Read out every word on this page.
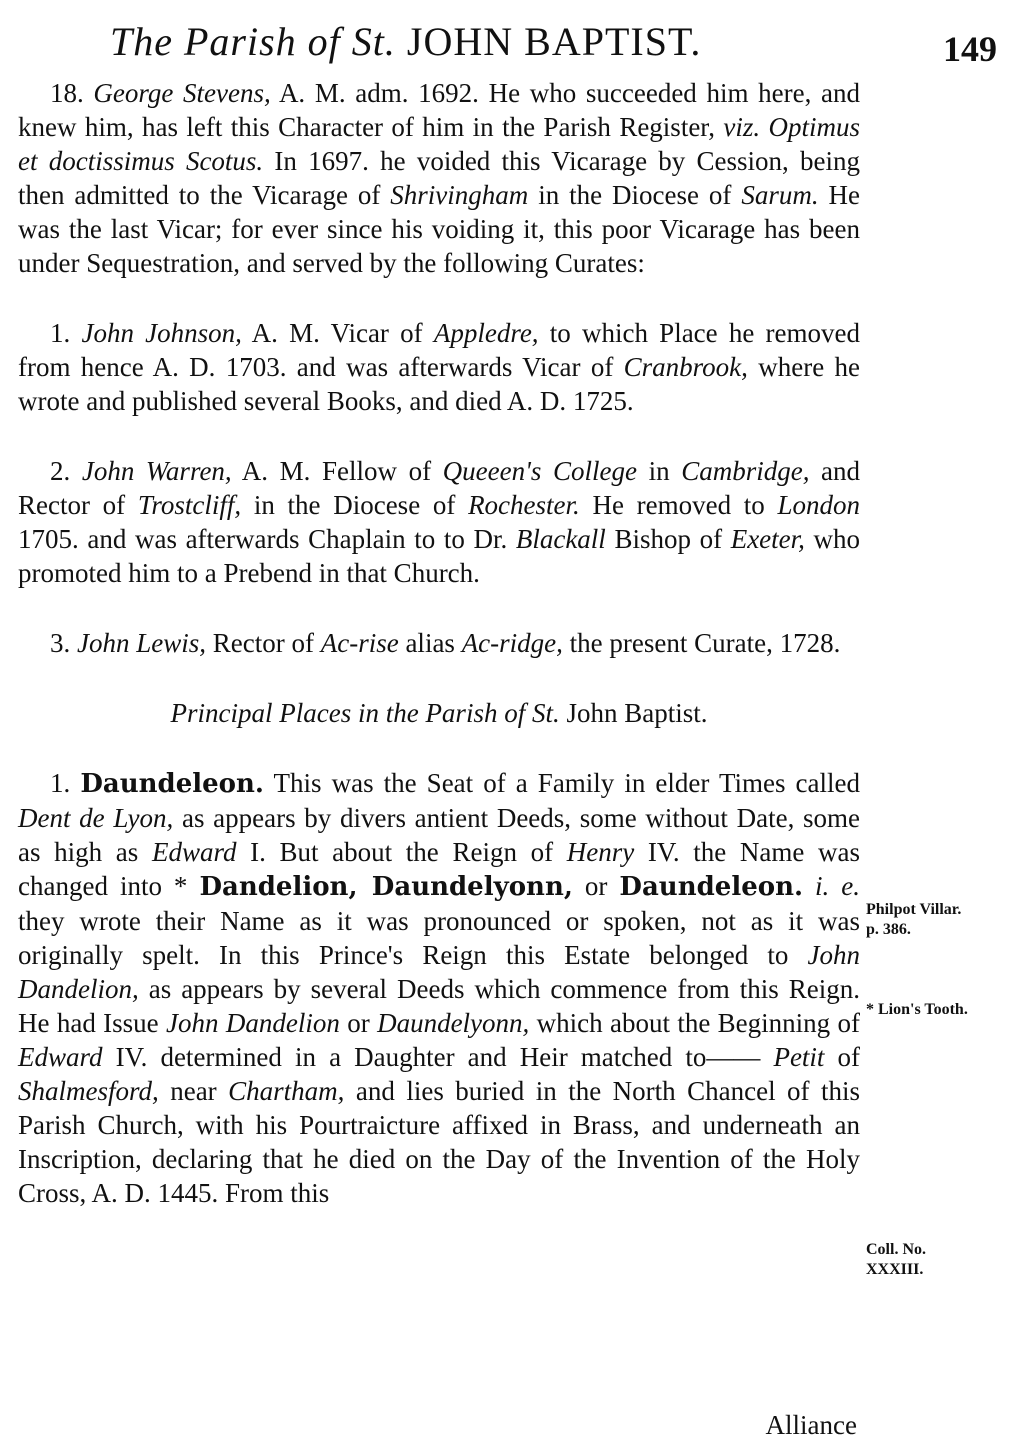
The Parish of St. JOHN BAPTIST.	149

18. George Stevens, A. M. adm. 1692. He who succeeded him here, and knew him, has left this Character of him in the Parish Register, viz. Optimus et doctissimus Scotus. In 1697. he voided this Vicarage by Cession, being then admitted to the Vicarage of Shrivingham in the Diocese of Sarum. He was the last Vicar; for ever since his voiding it, this poor Vicarage has been under Sequestration, and served by the following Curates:

1. John Johnson, A. M. Vicar of Appledre, to which Place he removed from hence A. D. 1703. and was afterwards Vicar of Cranbrook, where he wrote and published several Books, and died A. D. 1725.

2. John Warren, A. M. Fellow of Queeen's College in Cambridge, and Rector of Trostcliff, in the Diocese of Rochester. He removed to London 1705. and was afterwards Chaplain to to Dr. Blackall Bishop of Exeter, who promoted him to a Prebend in that Church.

3. John Lewis, Rector of Ac-rise alias Ac-ridge, the present Curate, 1728.

Principal Places in the Parish of St. John Baptist.

1. Daundeleon. This was the Seat of a Family in elder Times called Dent de Lyon, as appears by divers antient Deeds, some without Date, some as high as Edward I. But about the Reign of Henry IV. the Name was changed into * Dandelion, Daundelyonn, or Daundeleon. i. e. they wrote their Name as it was pronounced or spoken, not as it was originally spelt. In this Prince's Reign this Estate belonged to John Dandelion, as appears by several Deeds which commence from this Reign. He had Issue John Dandelion or Daundelyonn, which about the Beginning of Edward IV. determined in a Daughter and Heir matched to—— Petit of Shalmesford, near Chartham, and lies buried in the North Chancel of this Parish Church, with his Pourtraicture affixed in Brass, and underneath an Inscription, declaring that he died on the Day of the Invention of the Holy Cross, A. D. 1445. From this

Philpot Villar. p. 386.
* Lion's Tooth.
Coll. No. XXXIII.
Alliance
